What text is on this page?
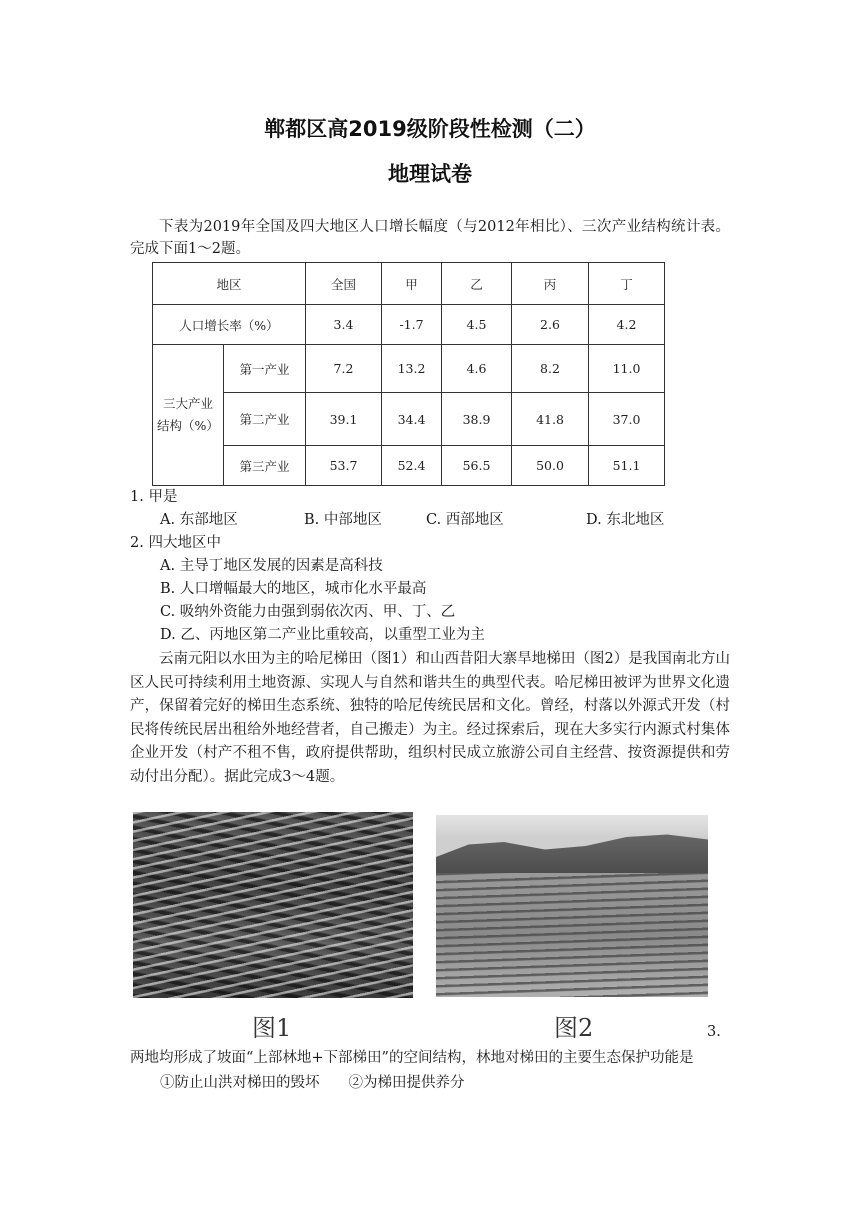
郸都区高2019级阶段性检测（二）
地理试卷
下表为2019年全国及四大地区人口增长幅度（与2012年相比）、三次产业结构统计表。完成下面1～2题。
地区		全国	甲	乙	丙	丁
人口增长率（%）		3.4	-1.7	4.5	2.6	4.2
三大产业
结构（%）	第一产业	7.2	13.2	4.6	8.2	11.0
	第二产业	39.1	34.4	38.9	41.8	37.0
	第三产业	53.7	52.4	56.5	50.0	51.1
1. 甲是
A. 东部地区	B. 中部地区	C. 西部地区	D. 东北地区
2. 四大地区中
A. 主导丁地区发展的因素是高科技
B. 人口增幅最大的地区，城市化水平最高
C. 吸纳外资能力由强到弱依次丙、甲、丁、乙
D. 乙、丙地区第二产业比重较高，以重型工业为主
云南元阳以水田为主的哈尼梯田（图1）和山西昔阳大寨旱地梯田（图2）是我国南北方山区人民可持续利用土地资源、实现人与自然和谐共生的典型代表。哈尼梯田被评为世界文化遗产，保留着完好的梯田生态系统、独特的哈尼传统民居和文化。曾经，村落以外源式开发（村民将传统民居出租给外地经营者，自己搬走）为主。经过探索后，现在大多实行内源式村集体企业开发（村产不租不售，政府提供帮助，组织村民成立旅游公司自主经营、按资源提供和劳动付出分配）。据此完成3～4题。
图1	图2	3.
两地均形成了坡面“上部林地+下部梯田”的空间结构，林地对梯田的主要生态保护功能是
①防止山洪对梯田的毁坏　　②为梯田提供养分
